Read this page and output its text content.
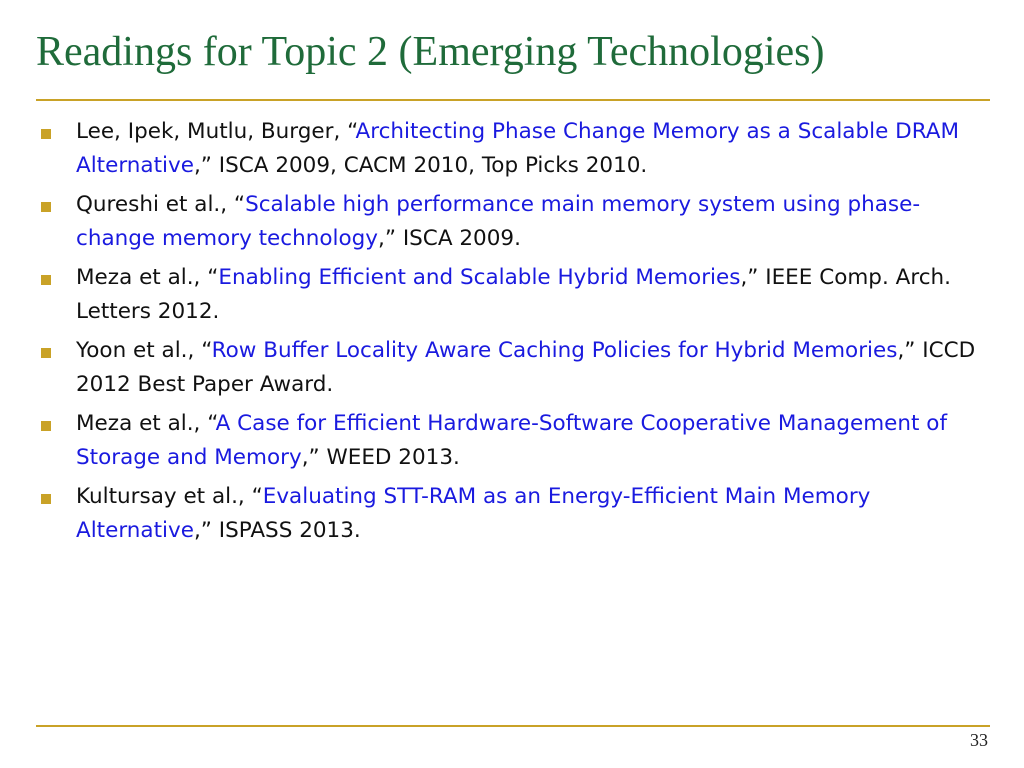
Readings for Topic 2 (Emerging Technologies)
Lee, Ipek, Mutlu, Burger, “Architecting Phase Change Memory as a Scalable DRAM Alternative,” ISCA 2009, CACM 2010, Top Picks 2010.
Qureshi et al., “Scalable high performance main memory system using phase-change memory technology,” ISCA 2009.
Meza et al., “Enabling Efficient and Scalable Hybrid Memories,” IEEE Comp. Arch. Letters 2012.
Yoon et al., “Row Buffer Locality Aware Caching Policies for Hybrid Memories,” ICCD 2012 Best Paper Award.
Meza et al., “A Case for Efficient Hardware-Software Cooperative Management of Storage and Memory,” WEED 2013.
Kultursay et al., “Evaluating STT-RAM as an Energy-Efficient Main Memory Alternative,” ISPASS 2013.
33
